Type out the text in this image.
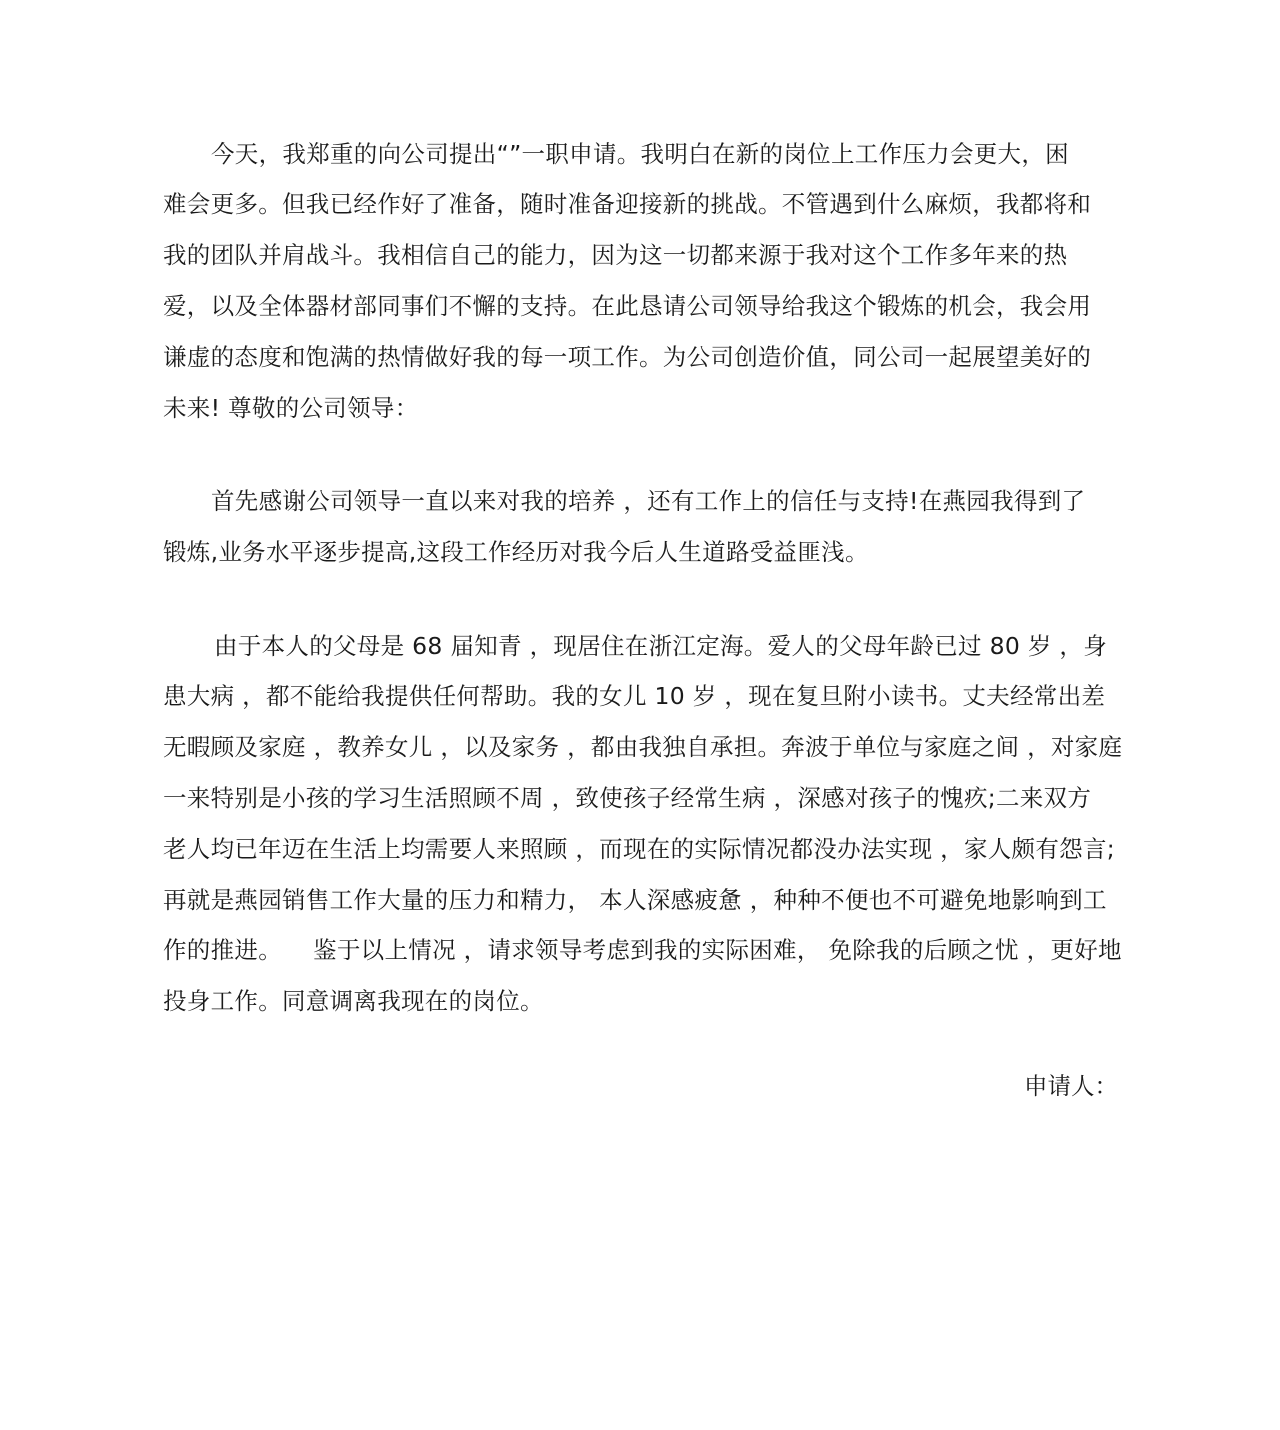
今天，我郑重的向公司提出“”一职申请。我明白在新的岗位上工作压力会更大，困
难会更多。但我已经作好了准备，随时准备迎接新的挑战。不管遇到什么麻烦，我都将和
我的团队并肩战斗。我相信自己的能力，因为这一切都来源于我对这个工作多年来的热
爱，以及全体器材部同事们不懈的支持。在此恳请公司领导给我这个锻炼的机会，我会用
谦虚的态度和饱满的热情做好我的每一项工作。为公司创造价值，同公司一起展望美好的
未来! 尊敬的公司领导：
首先感谢公司领导一直以来对我的培养 ，还有工作上的信任与支持!在燕园我得到了
锻炼,业务水平逐步提高,这段工作经历对我今后人生道路受益匪浅。
由于本人的父母是 68 届知青 ，现居住在浙江定海。爱人的父母年龄已过 80 岁 ，身
患大病 ，都不能给我提供任何帮助。我的女儿 10 岁 ，现在复旦附小读书。丈夫经常出差
无暇顾及家庭 ，教养女儿 ，以及家务 ，都由我独自承担。奔波于单位与家庭之间 ，对家庭
一来特别是小孩的学习生活照顾不周 ，致使孩子经常生病 ，深感对孩子的愧疚;二来双方
老人均已年迈在生活上均需要人来照顾 ，而现在的实际情况都没办法实现 ，家人颇有怨言;
再就是燕园销售工作大量的压力和精力， 本人深感疲惫 ，种种不便也不可避免地影响到工
作的推进。    鉴于以上情况 ，请求领导考虑到我的实际困难， 免除我的后顾之忧 ，更好地
投身工作。同意调离我现在的岗位。
申请人：
